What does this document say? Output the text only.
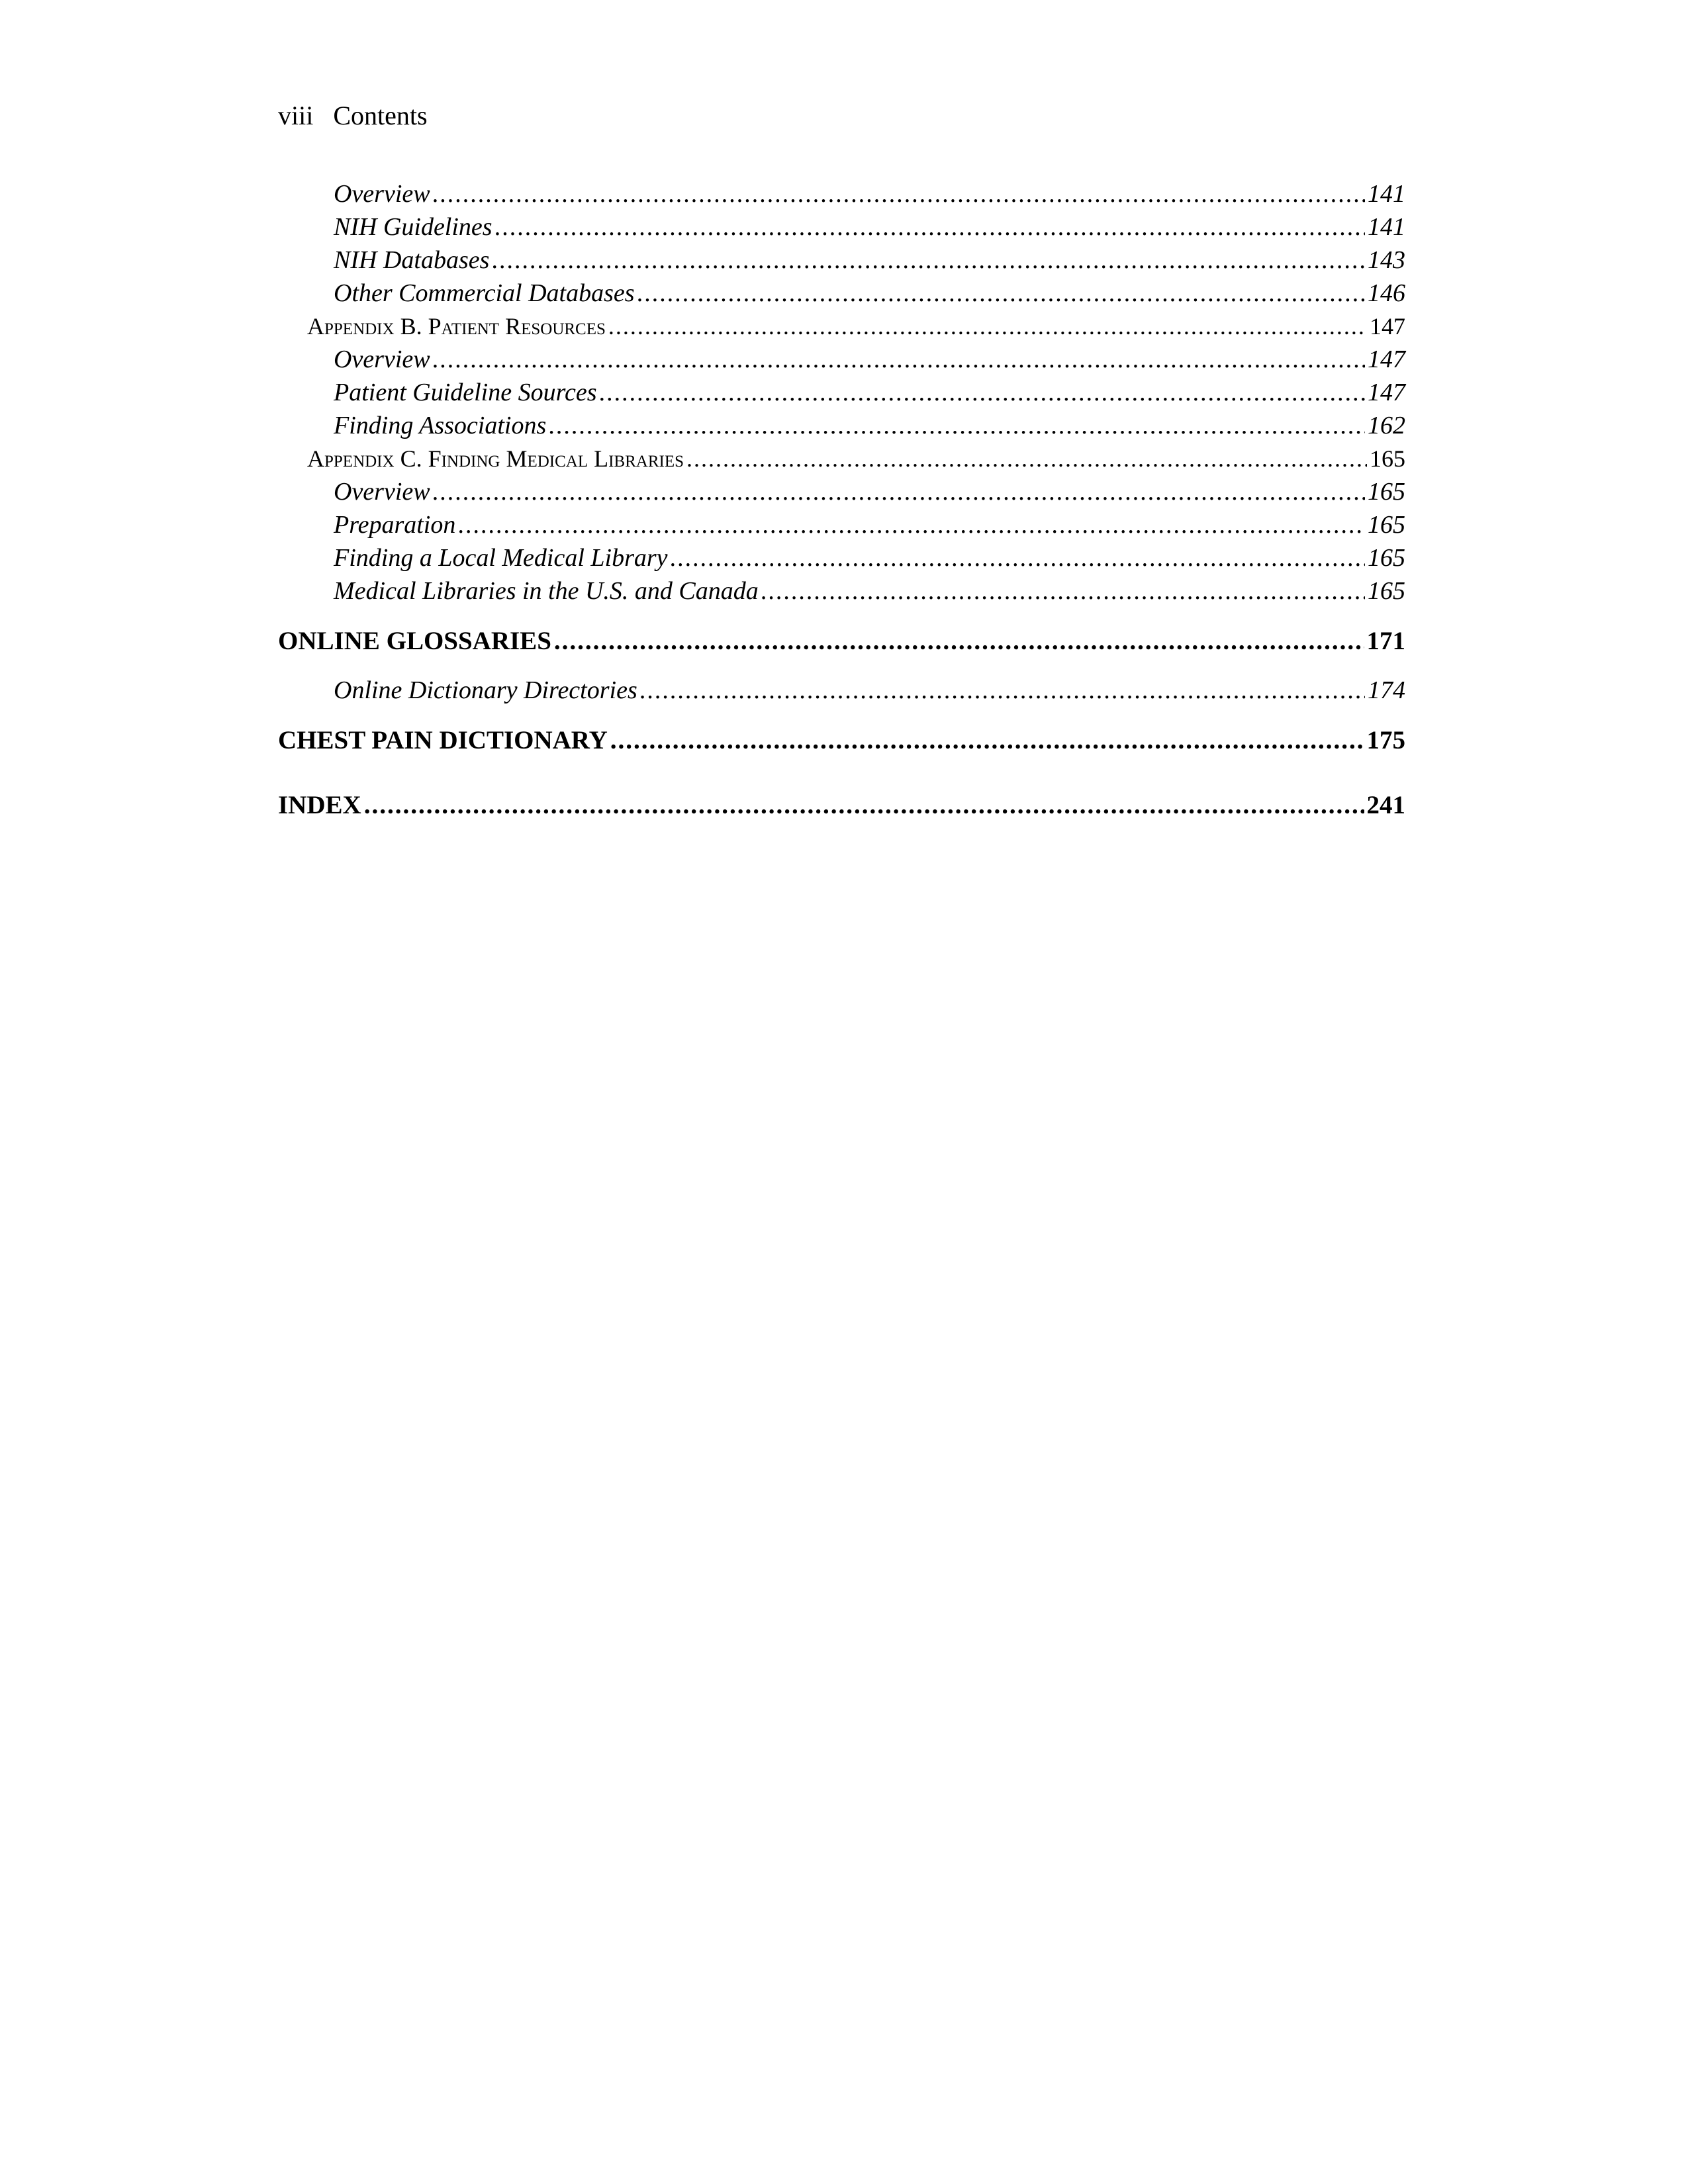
viii Contents
Overview .....	141
NIH Guidelines .....	141
NIH Databases .....	143
Other Commercial Databases .....	146
Appendix B. Patient Resources .....	147
Overview .....	147
Patient Guideline Sources .....	147
Finding Associations .....	162
Appendix C. Finding Medical Libraries .....	165
Overview .....	165
Preparation .....	165
Finding a Local Medical Library .....	165
Medical Libraries in the U.S. and Canada .....	165
ONLINE GLOSSARIES .....	171
Online Dictionary Directories .....	174
CHEST PAIN DICTIONARY .....	175
INDEX .....	241
